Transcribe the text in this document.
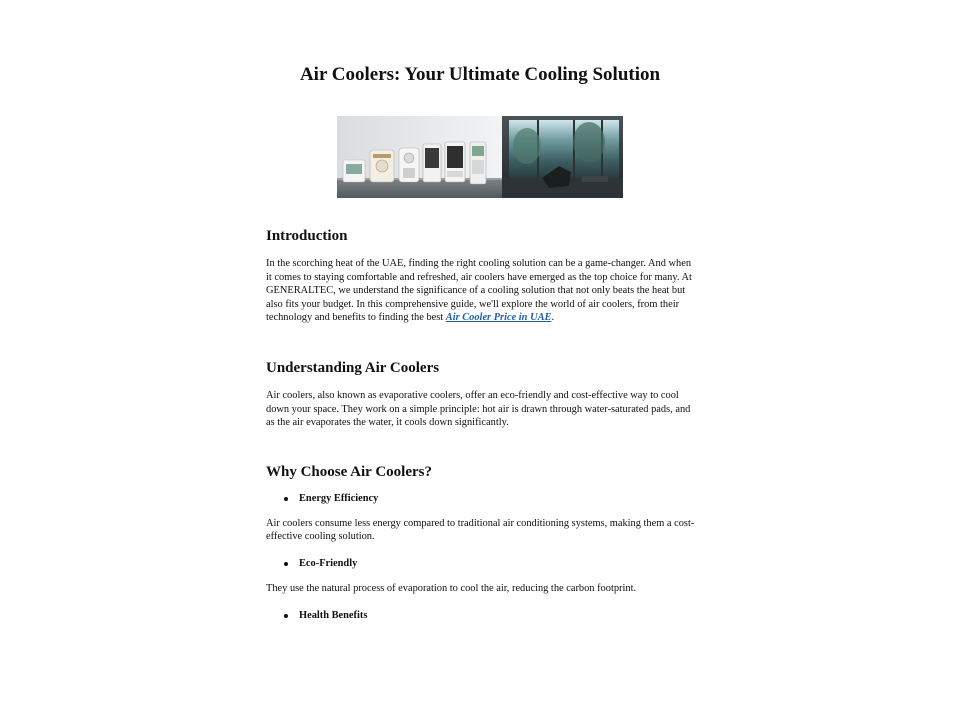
Air Coolers: Your Ultimate Cooling Solution
Introduction

In the scorching heat of the UAE, finding the right cooling solution can be a game-changer. And when it comes to staying comfortable and refreshed, air coolers have emerged as the top choice for many. At GENERALTEC, we understand the significance of a cooling solution that not only beats the heat but also fits your budget. In this comprehensive guide, we'll explore the world of air coolers, from their technology and benefits to finding the best Air Cooler Price in UAE.

Understanding Air Coolers

Air coolers, also known as evaporative coolers, offer an eco-friendly and cost-effective way to cool down your space. They work on a simple principle: hot air is drawn through water-saturated pads, and as the air evaporates the water, it cools down significantly.

Why Choose Air Coolers?
Energy Efficiency

Air coolers consume less energy compared to traditional air conditioning systems, making them a cost-effective cooling solution.

Eco-Friendly

They use the natural process of evaporation to cool the air, reducing the carbon footprint.

Health Benefits
